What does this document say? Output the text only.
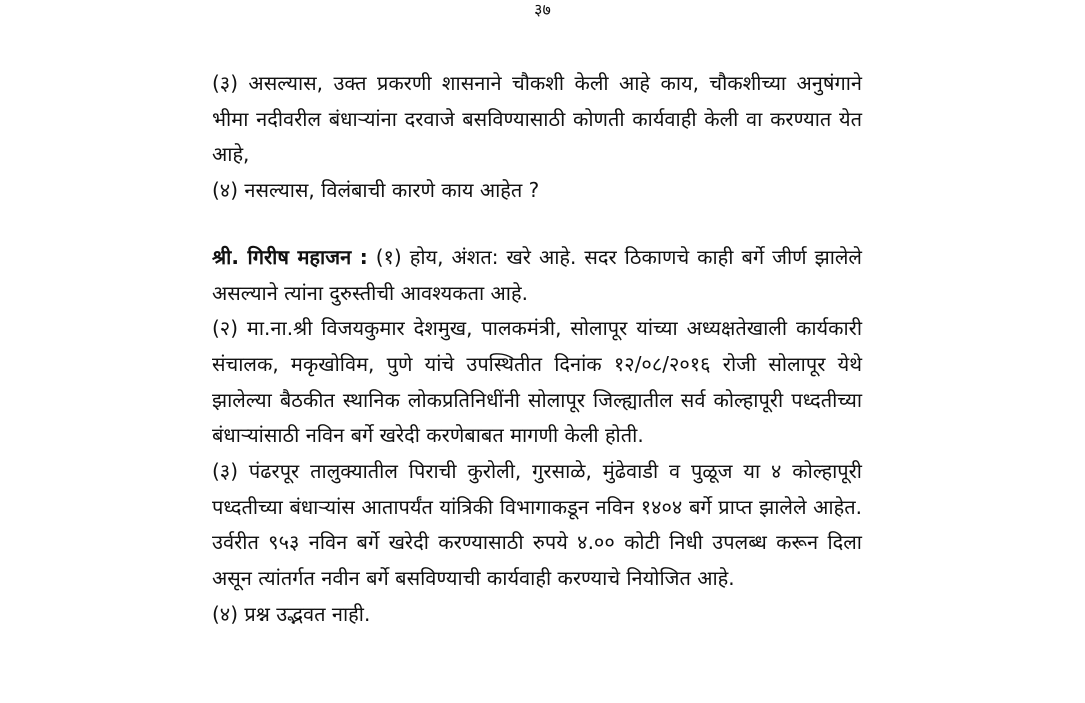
३७

(३) असल्यास, उक्त प्रकरणी शासनाने चौकशी केली आहे काय, चौकशीच्या अनुषंगाने भीमा नदीवरील बंधाऱ्यांना दरवाजे बसविण्यासाठी कोणती कार्यवाही केली वा करण्यात येत आहे,

(४) नसल्यास, विलंबाची कारणे काय आहेत ?

श्री. गिरीष महाजन : (१) होय, अंशत: खरे आहे. सदर ठिकाणचे काही बर्गे जीर्ण झालेले असल्याने त्यांना दुरुस्तीची आवश्यकता आहे.

(२) मा.ना.श्री विजयकुमार देशमुख, पालकमंत्री, सोलापूर यांच्या अध्यक्षतेखाली कार्यकारी संचालक, मकृखोविम, पुणे यांचे उपस्थितीत दिनांक १२/०८/२०१६ रोजी सोलापूर येथे झालेल्या बैठकीत स्थानिक लोकप्रतिनिधींनी सोलापूर जिल्ह्यातील सर्व कोल्हापूरी पध्दतीच्या बंधाऱ्यांसाठी नविन बर्गे खरेदी करणेबाबत मागणी केली होती.

(३) पंढरपूर तालुक्यातील पिराची कुरोली, गुरसाळे, मुंढेवाडी व पुळूज या ४ कोल्हापूरी पध्दतीच्या बंधाऱ्यांस आतापर्यंत यांत्रिकी विभागाकडून नविन १४०४ बर्गे प्राप्त झालेले आहेत. उर्वरीत ९५३ नविन बर्गे खरेदी करण्यासाठी रुपये ४.०० कोटी निधी उपलब्ध करून दिला असून त्यांतर्गत नवीन बर्गे बसविण्याची कार्यवाही करण्याचे नियोजित आहे.

(४) प्रश्न उद्भवत नाही.
